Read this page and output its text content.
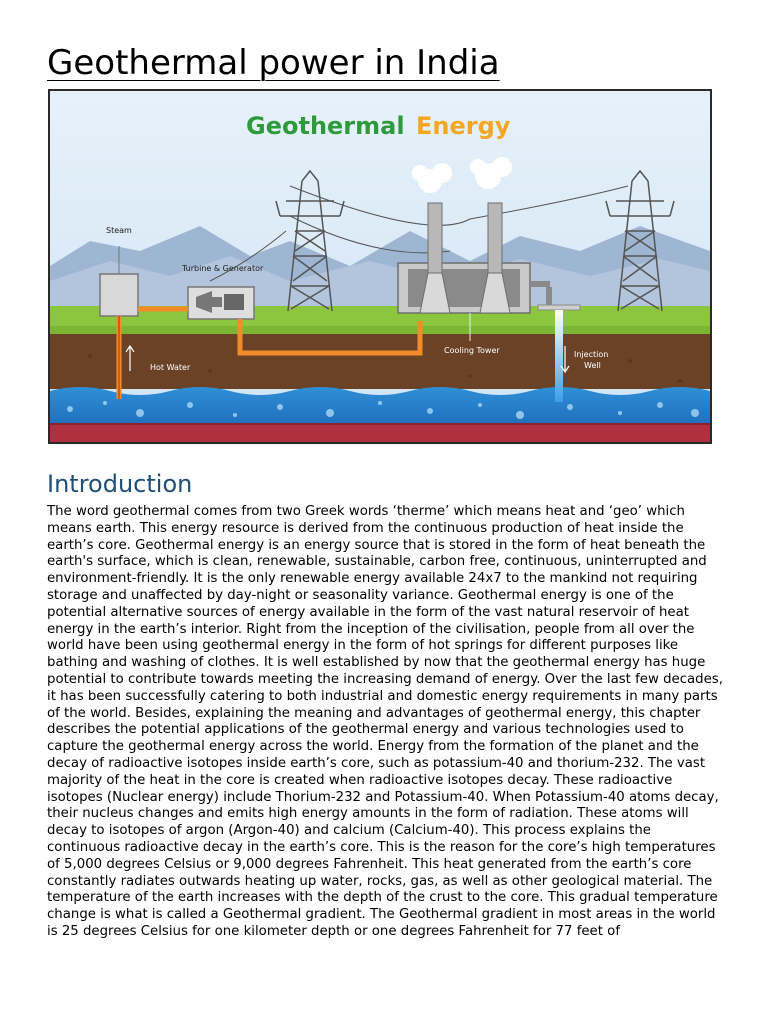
Geothermal power in India
Geothermal Energy
Steam
Turbine & Generator
Hot Water
Cooling Tower	Injection
Well
Introduction

The word geothermal comes from two Greek words ‘therme’ which means heat and ‘geo’ which means earth. This energy resource is derived from the continuous production of heat inside the earth’s core. Geothermal energy is an energy source that is stored in the form of heat beneath the earth's surface, which is clean, renewable, sustainable, carbon free, continuous, uninterrupted and environment-friendly. It is the only renewable energy available 24x7 to the mankind not requiring storage and unaffected by day-night or seasonality variance. Geothermal energy is one of the potential alternative sources of energy available in the form of the vast natural reservoir of heat energy in the earth’s interior. Right from the inception of the civilisation, people from all over the world have been using geothermal energy in the form of hot springs for different purposes like bathing and washing of clothes. It is well established by now that the geothermal energy has huge potential to contribute towards meeting the increasing demand of energy. Over the last few decades, it has been successfully catering to both industrial and domestic energy requirements in many parts of the world. Besides, explaining the meaning and advantages of geothermal energy, this chapter describes the potential applications of the geothermal energy and various technologies used to capture the geothermal energy across the world. Energy from the formation of the planet and the decay of radioactive isotopes inside earth’s core, such as potassium-40 and thorium-232. The vast majority of the heat in the core is created when radioactive isotopes decay. These radioactive isotopes (Nuclear energy) include Thorium-232 and Potassium-40. When Potassium-40 atoms decay, their nucleus changes and emits high energy amounts in the form of radiation. These atoms will decay to isotopes of argon (Argon-40) and calcium (Calcium-40). This process explains the continuous radioactive decay in the earth’s core. This is the reason for the core’s high temperatures of 5,000 degrees Celsius or 9,000 degrees Fahrenheit. This heat generated from the earth’s core constantly radiates outwards heating up water, rocks, gas, as well as other geological material. The temperature of the earth increases with the depth of the crust to the core. This gradual temperature change is what is called a Geothermal gradient. The Geothermal gradient in most areas in the world is 25 degrees Celsius for one kilometer depth or one degrees Fahrenheit for 77 feet of
